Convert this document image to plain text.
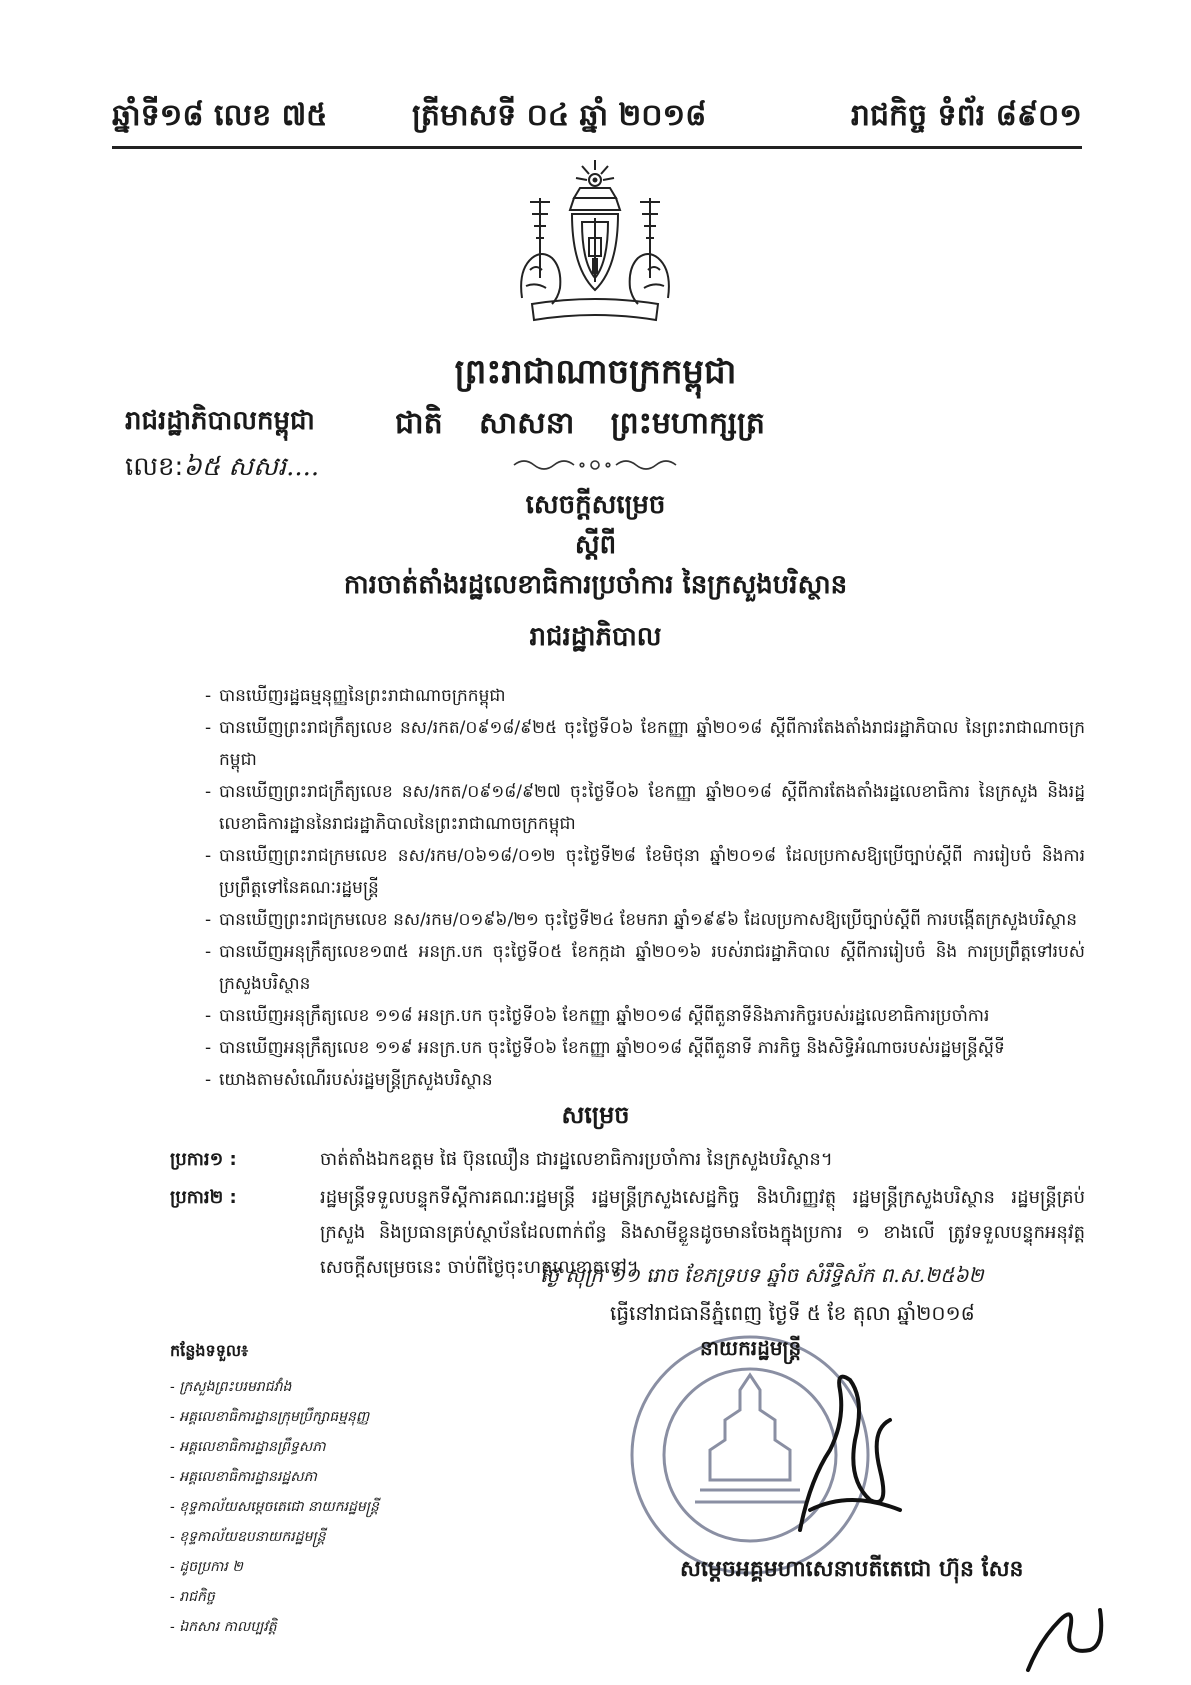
ឆ្នាំទី១៨ លេខ ៧៥	ត្រីមាសទី ០៤ ឆ្នាំ ២០១៨	រាជកិច្ច ទំព័រ ៨៩០១
ព្រះរាជាណាចក្រកម្ពុជា
រាជរដ្ឋាភិបាលកម្ពុជា	ជាតិ សាសនា ព្រះមហាក្សត្រ
លេខ:៦៥ សសរ....
សេចក្តីសម្រេច
ស្តីពី
ការចាត់តាំងរដ្ឋលេខាធិការប្រចាំការ នៃក្រសួងបរិស្ថាន
រាជរដ្ឋាភិបាល
- បានឃើញរដ្ឋធម្មនុញ្ញនៃព្រះរាជាណាចក្រកម្ពុជា
- បានឃើញព្រះរាជក្រឹត្យលេខ នស/រកត/០៩១៨/៩២៥ ចុះថ្ងៃទី០៦ ខែកញ្ញា ឆ្នាំ២០១៨ ស្តីពីការតែងតាំងរាជរដ្ឋាភិបាល នៃព្រះរាជាណាចក្រកម្ពុជា
- បានឃើញព្រះរាជក្រឹត្យលេខ នស/រកត/០៩១៨/៩២៧ ចុះថ្ងៃទី០៦ ខែកញ្ញា ឆ្នាំ២០១៨ ស្តីពីការតែងតាំងរដ្ឋលេខាធិការ នៃក្រសួង និងរដ្ឋលេខាធិការដ្ឋាននៃរាជរដ្ឋាភិបាលនៃព្រះរាជាណាចក្រកម្ពុជា
- បានឃើញព្រះរាជក្រមលេខ នស/រកម/០៦១៨/០១២ ចុះថ្ងៃទី២៨ ខែមិថុនា ឆ្នាំ២០១៨ ដែលប្រកាសឱ្យប្រើច្បាប់ស្តីពី ការរៀបចំ និងការប្រព្រឹត្តទៅនៃគណៈរដ្ឋមន្ត្រី
- បានឃើញព្រះរាជក្រមលេខ នស/រកម/០១៩៦/២១ ចុះថ្ងៃទី២៤ ខែមករា ឆ្នាំ១៩៩៦ ដែលប្រកាសឱ្យប្រើច្បាប់ស្តីពី ការបង្កើតក្រសួងបរិស្ថាន
- បានឃើញអនុក្រឹត្យលេខ១៣៥ អនក្រ.បក ចុះថ្ងៃទី០៥ ខែកក្កដា ឆ្នាំ២០១៦ របស់រាជរដ្ឋាភិបាល ស្តីពីការរៀបចំ និង ការប្រព្រឹត្តទៅរបស់ក្រសួងបរិស្ថាន
- បានឃើញអនុក្រឹត្យលេខ ១១៨ អនក្រ.បក ចុះថ្ងៃទី០៦ ខែកញ្ញា ឆ្នាំ២០១៨ ស្តីពីតួនាទីនិងភារកិច្ចរបស់រដ្ឋលេខាធិការប្រចាំការ
- បានឃើញអនុក្រឹត្យលេខ ១១៩ អនក្រ.បក ចុះថ្ងៃទី០៦ ខែកញ្ញា ឆ្នាំ២០១៨ ស្តីពីតួនាទី ភារកិច្ច និងសិទ្ធិអំណាចរបស់រដ្ឋមន្ត្រីស្តីទី
- យោងតាមសំណើរបស់រដ្ឋមន្ត្រីក្រសួងបរិស្ថាន
សម្រេច
ប្រការ១ :	ចាត់តាំងឯកឧត្តម ផៃ ប៊ុនឈឿន ជារដ្ឋលេខាធិការប្រចាំការ នៃក្រសួងបរិស្ថាន។
ប្រការ២ :	រដ្ឋមន្ត្រីទទួលបន្ទុកទីស្តីការគណៈរដ្ឋមន្ត្រី រដ្ឋមន្ត្រីក្រសួងសេដ្ឋកិច្ច និងហិរញ្ញវត្ថុ រដ្ឋមន្ត្រីក្រសួងបរិស្ថាន រដ្ឋមន្ត្រីគ្រប់ក្រសួង និងប្រធានគ្រប់ស្ថាប័នដែលពាក់ព័ន្ធ និងសាមីខ្លួនដូចមានចែងក្នុងប្រការ ១ ខាងលើ ត្រូវទទួលបន្ទុកអនុវត្តសេចក្តីសម្រេចនេះ ចាប់ពីថ្ងៃចុះហត្ថលេខាតទៅ។
ថ្ងៃ សុក្រ ១១ រោច ខែភទ្របទ ឆ្នាំច សំរឹទ្ធិស័ក ព.ស.២៥៦២
ធ្វើនៅរាជធានីភ្នំពេញ ថ្ងៃទី ៥ ខែ តុលា ឆ្នាំ២០១៨
នាយករដ្ឋមន្ត្រី
សម្តេចអគ្គមហាសេនាបតីតេជោ ហ៊ុន សែន
កន្លែងទទួល៖
- ក្រសួងព្រះបរមរាជវាំង
- អគ្គលេខាធិការដ្ឋានក្រុមប្រឹក្សាធម្មនុញ្ញ
- អគ្គលេខាធិការដ្ឋានព្រឹទ្ធសភា
- អគ្គលេខាធិការដ្ឋានរដ្ឋសភា
- ខុទ្ទកាល័យសម្តេចតេជោ នាយករដ្ឋមន្ត្រី
- ខុទ្ទកាល័យឧបនាយករដ្ឋមន្ត្រី
- ដូចប្រការ ២
- រាជកិច្ច
- ឯកសារ កាលប្បវត្តិ
